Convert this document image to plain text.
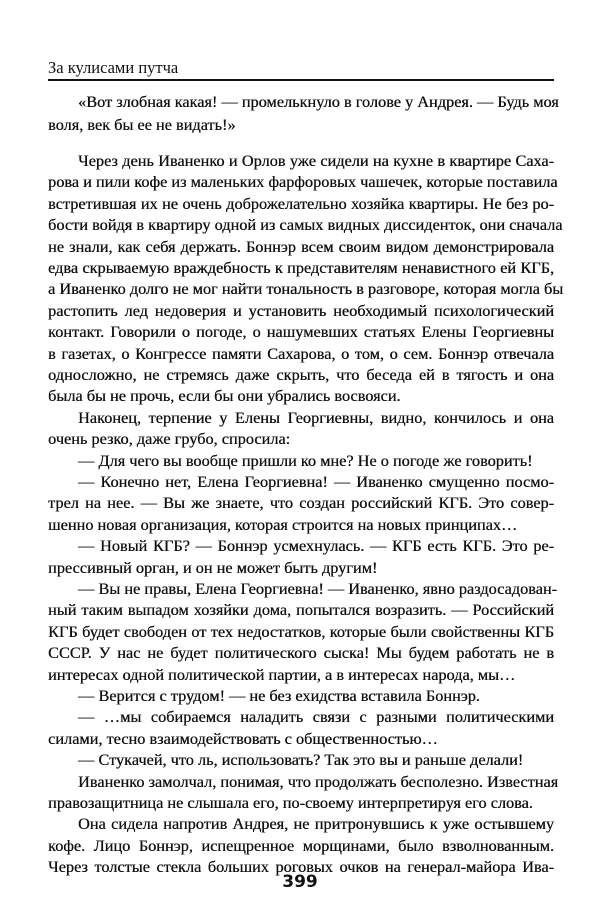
За кулисами путча
«Вот злобная какая! — промелькнуло в голове у Андрея. — Будь моя
воля, век бы ее не видать!»
Через день Иваненко и Орлов уже сидели на кухне в квартире Саха-
рова и пили кофе из маленьких фарфоровых чашечек, которые поставила
встретившая их не очень доброжелательно хозяйка квартиры. Не без ро-
бости войдя в квартиру одной из самых видных диссиденток, они сначала
не знали, как себя держать. Боннэр всем своим видом демонстрировала
едва скрываемую враждебность к представителям ненавистного ей КГБ,
а Иваненко долго не мог найти тональность в разговоре, которая могла бы
растопить лед недоверия и установить необходимый психологический
контакт. Говорили о погоде, о нашумевших статьях Елены Георгиевны
в газетах, о Конгрессе памяти Сахарова, о том, о сем. Боннэр отвечала
односложно, не стремясь даже скрыть, что беседа ей в тягость и она
была бы не прочь, если бы они убрались восвояси.
Наконец, терпение у Елены Георгиевны, видно, кончилось и она
очень резко, даже грубо, спросила:
— Для чего вы вообще пришли ко мне? Не о погоде же говорить!
— Конечно нет, Елена Георгиевна! — Иваненко смущенно посмо-
трел на нее. — Вы же знаете, что создан российский КГБ. Это совер-
шенно новая организация, которая строится на новых принципах…
— Новый КГБ? — Боннэр усмехнулась. — КГБ есть КГБ. Это ре-
прессивный орган, и он не может быть другим!
— Вы не правы, Елена Георгиевна! — Иваненко, явно раздосадован-
ный таким выпадом хозяйки дома, попытался возразить. — Российский
КГБ будет свободен от тех недостатков, которые были свойственны КГБ
СССР. У нас не будет политического сыска! Мы будем работать не в
интересах одной политической партии, а в интересах народа, мы…
— Верится с трудом! — не без ехидства вставила Боннэр.
— …мы собираемся наладить связи с разными политическими
силами, тесно взаимодействовать с общественностью…
— Стукачей, что ль, использовать? Так это вы и раньше делали!
Иваненко замолчал, понимая, что продолжать бесполезно. Известная
правозащитница не слышала его, по-своему интерпретируя его слова.
Она сидела напротив Андрея, не притронувшись к уже остывшему
кофе. Лицо Боннэр, испещренное морщинами, было взволнованным.
Через толстые стекла больших роговых очков на генерал-майора Ива-
399
